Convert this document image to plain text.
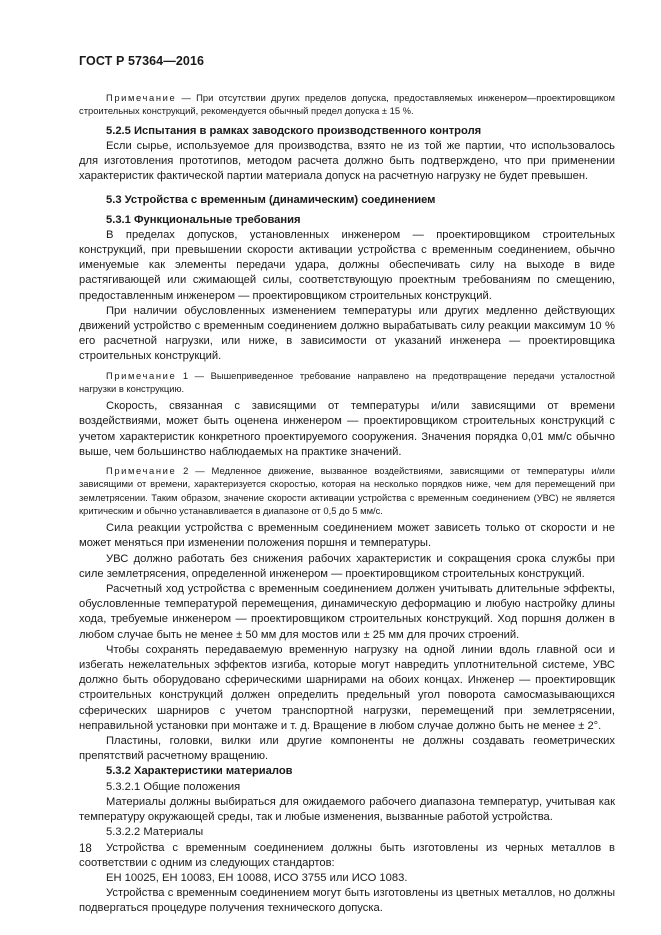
ГОСТ Р 57364—2016

Примечание — При отсутствии других пределов допуска, предоставляемых инженером—проектировщиком строительных конструкций, рекомендуется обычный предел допуска ± 15 %.

5.2.5 Испытания в рамках заводского производственного контроля

Если сырье, используемое для производства, взято не из той же партии, что использовалось для изготовления прототипов, методом расчета должно быть подтверждено, что при применении характеристик фактической партии материала допуск на расчетную нагрузку не будет превышен.

5.3 Устройства с временным (динамическим) соединением
5.3.1 Функциональные требования

В пределах допусков, установленных инженером — проектировщиком строительных конструкций, при превышении скорости активации устройства с временным соединением, обычно именуемые как элементы передачи удара, должны обеспечивать силу на выходе в виде растягивающей или сжимающей силы, соответствующую проектным требованиям по смещению, предоставленным инженером — проектировщиком строительных конструкций.

При наличии обусловленных изменением температуры или других медленно действующих движений устройство с временным соединением должно вырабатывать силу реакции максимум 10 % его расчетной нагрузки, или ниже, в зависимости от указаний инженера — проектировщика строительных конструкций.

Примечание 1 — Вышеприведенное требование направлено на предотвращение передачи усталостной нагрузки в конструкцию.

Скорость, связанная с зависящими от температуры и/или зависящими от времени воздействиями, может быть оценена инженером — проектировщиком строительных конструкций с учетом характеристик конкретного проектируемого сооружения. Значения порядка 0,01 мм/с обычно выше, чем большинство наблюдаемых на практике значений.

Примечание 2 — Медленное движение, вызванное воздействиями, зависящими от температуры и/или зависящими от времени, характеризуется скоростью, которая на несколько порядков ниже, чем для перемещений при землетрясении. Таким образом, значение скорости активации устройства с временным соединением (УВС) не является критическим и обычно устанавливается в диапазоне от 0,5 до 5 мм/с.

Сила реакции устройства с временным соединением может зависеть только от скорости и не может меняться при изменении положения поршня и температуры.

УВС должно работать без снижения рабочих характеристик и сокращения срока службы при силе землетрясения, определенной инженером — проектировщиком строительных конструкций.

Расчетный ход устройства с временным соединением должен учитывать длительные эффекты, обусловленные температурой перемещения, динамическую деформацию и любую настройку длины хода, требуемые инженером — проектировщиком строительных конструкций. Ход поршня должен в любом случае быть не менее ± 50 мм для мостов или ± 25 мм для прочих строений.

Чтобы сохранять передаваемую временную нагрузку на одной линии вдоль главной оси и избегать нежелательных эффектов изгиба, которые могут навредить уплотнительной системе, УВС должно быть оборудовано сферическими шарнирами на обоих концах. Инженер — проектировщик строительных конструкций должен определить предельный угол поворота самосмазывающихся сферических шарниров с учетом транспортной нагрузки, перемещений при землетрясении, неправильной установки при монтаже и т. д. Вращение в любом случае должно быть не менее ± 2°.

Пластины, головки, вилки или другие компоненты не должны создавать геометрических препятствий расчетному вращению.

5.3.2 Характеристики материалов
5.3.2.1 Общие положения

Материалы должны выбираться для ожидаемого рабочего диапазона температур, учитывая как температуру окружающей среды, так и любые изменения, вызванные работой устройства.

5.3.2.2 Материалы

Устройства с временным соединением должны быть изготовлены из черных металлов в соответствии с одним из следующих стандартов:

ЕН 10025, ЕН 10083, ЕН 10088, ИСО 3755 или ИСО 1083.

Устройства с временным соединением могут быть изготовлены из цветных металлов, но должны подвергаться процедуре получения технического допуска.

18
